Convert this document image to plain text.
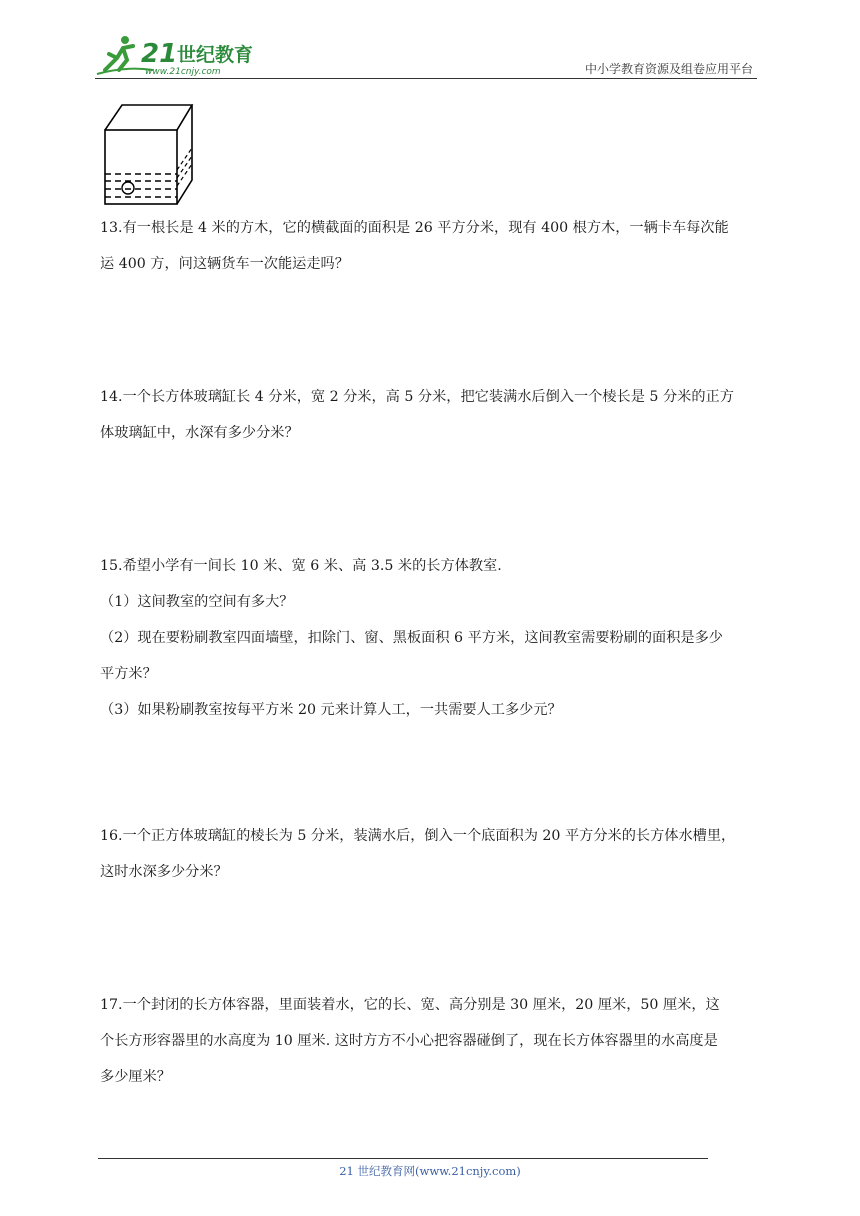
21 世纪教育
www.21cnjy.com	中小学教育资源及组卷应用平台

13.有一根长是 4 米的方木，它的横截面的面积是 26 平方分米，现有 400 根方木，一辆卡车每次能

运 400 方，问这辆货车一次能运走吗？

14.一个长方体玻璃缸长 4 分米，宽 2 分米，高 5 分米，把它装满水后倒入一个棱长是 5 分米的正方

体玻璃缸中，水深有多少分米？

15.希望小学有一间长 10 米、宽 6 米、高 3.5 米的长方体教室.

（1）这间教室的空间有多大？

（2）现在要粉刷教室四面墙壁，扣除门、窗、黑板面积 6 平方米，这间教室需要粉刷的面积是多少

平方米？

（3）如果粉刷教室按每平方米 20 元来计算人工，一共需要人工多少元？

16.一个正方体玻璃缸的棱长为 5 分米，装满水后，倒入一个底面积为 20 平方分米的长方体水槽里，

这时水深多少分米？

17.一个封闭的长方体容器，里面装着水，它的长、宽、高分别是 30 厘米，20 厘米，50 厘米，这

个长方形容器里的水高度为 10 厘米. 这时方方不小心把容器碰倒了，现在长方体容器里的水高度是

多少厘米？

21 世纪教育网(www.21cnjy.com)
